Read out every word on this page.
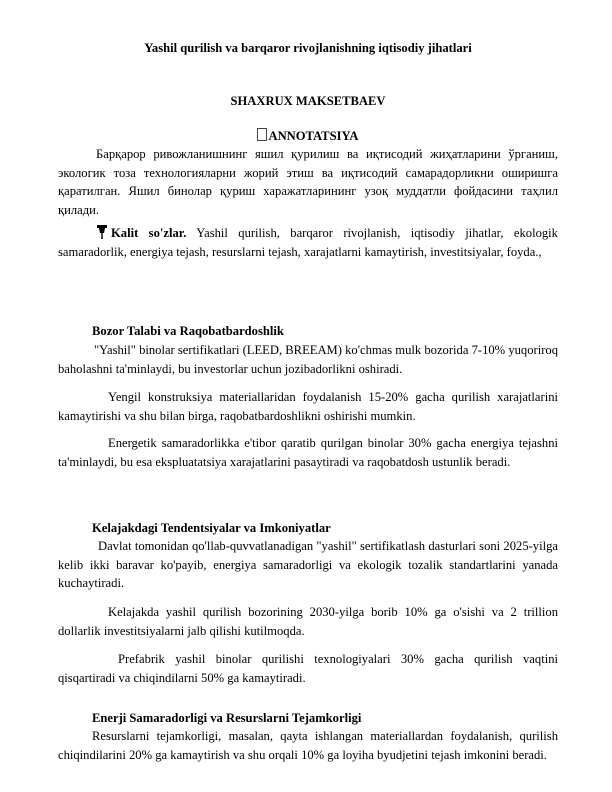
Yashil qurilish va barqaror rivojlanishning iqtisodiy jihatlari
SHAXRUX MAKSETBAEV
ANNOTATSIYA
Барқарор ривожланишнинг яшил қурилиш ва иқтисодий жиҳатларини ўрганиш, экологик тоза технологияларни жорий этиш ва иқтисодий самарадорликни оширишга қаратилган. Яшил бинолар қуриш харажатларининг узоқ муддатли фойдасини таҳлил қилади.
Kalit so'zlar. Yashil qurilish, barqaror rivojlanish, iqtisodiy jihatlar, ekologik samaradorlik, energiya tejash, resurslarni tejash, xarajatlarni kamaytirish, investitsiyalar, foyda.,
Bozor Talabi va Raqobatbardoshlik
"Yashil" binolar sertifikatlari (LEED, BREEAM) ko'chmas mulk bozorida 7-10% yuqoriroq baholashni ta'minlaydi, bu investorlar uchun jozibadorlikni oshiradi.
Yengil konstruksiya materiallaridan foydalanish 15-20% gacha qurilish xarajatlarini kamaytirishi va shu bilan birga, raqobatbardoshlikni oshirishi mumkin.
Energetik samaradorlikka e'tibor qaratib qurilgan binolar 30% gacha energiya tejashni ta'minlaydi, bu esa ekspluatatsiya xarajatlarini pasaytiradi va raqobatdosh ustunlik beradi.
Kelajakdagi Tendentsiyalar va Imkoniyatlar
Davlat tomonidan qo'llab-quvvatlanadigan "yashil" sertifikatlash dasturlari soni 2025-yilga kelib ikki baravar ko'payib, energiya samaradorligi va ekologik tozalik standartlarini yanada kuchaytiradi.
Kelajakda yashil qurilish bozorining 2030-yilga borib 10% ga o'sishi va 2 trillion dollarlik investitsiyalarni jalb qilishi kutilmoqda.
Prefabrik yashil binolar qurilishi texnologiyalari 30% gacha qurilish vaqtini qisqartiradi va chiqindilarni 50% ga kamaytiradi.
Enerji Samaradorligi va Resurslarni Tejamkorligi
Resurslarni tejamkorligi, masalan, qayta ishlangan materiallardan foydalanish, qurilish chiqindilarini 20% ga kamaytirish va shu orqali 10% ga loyiha byudjetini tejash imkonini beradi.
